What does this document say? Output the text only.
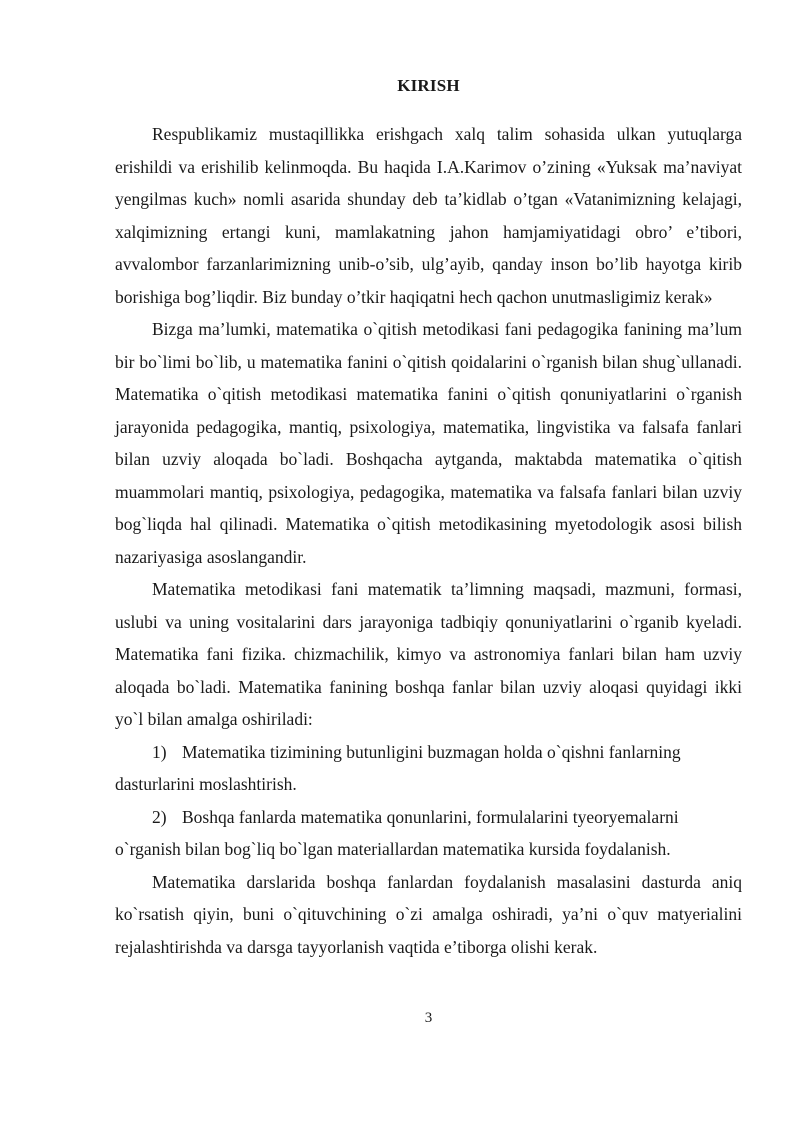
KIRISH

Respublikamiz mustaqillikka erishgach xalq talim sohasida ulkan yutuqlarga erishildi va erishilib kelinmoqda. Bu haqida I.A.Karimov o’zining «Yuksak ma’naviyat yengilmas kuch» nomli asarida shunday deb ta’kidlab o’tgan «Vatanimizning kelajagi, xalqimizning ertangi kuni, mamlakatning jahon hamjamiyatidagi obro’ e’tibori, avvalombor farzanlarimizning unib-o’sib, ulg’ayib, qanday inson bo’lib hayotga kirib borishiga bog’liqdir. Biz bunday o’tkir haqiqatni hech qachon unutmasligimiz kerak»

Bizga ma’lumki, matematika o`qitish metodikasi fani pedagogika fanining ma’lum bir bo`limi bo`lib, u matematika fanini o`qitish qoidalarini o`rganish bilan shug`ullanadi. Matematika o`qitish metodikasi matematika fanini o`qitish qonuniyatlarini o`rganish jarayonida pedagogika, mantiq, psixologiya, matematika, lingvistika va falsafa fanlari bilan uzviy aloqada bo`ladi. Boshqacha aytganda, maktabda matematika o`qitish muammolari mantiq, psixologiya, pedagogika, matematika va falsafa fanlari bilan uzviy bog`liqda hal qilinadi. Matematika o`qitish metodikasining myetodologik asosi bilish nazariyasiga asoslangandir.

Matematika metodikasi fani matematik ta’limning maqsadi, mazmuni, formasi, uslubi va uning vositalarini dars jarayoniga tadbiqiy qonuniyatlarini o`rganib kyeladi. Matematika fani fizika. chizmachilik, kimyo va astronomiya fanlari bilan ham uzviy aloqada bo`ladi. Matematika fanining boshqa fanlar bilan uzviy aloqasi quyidagi ikki yo`l bilan amalga oshiriladi:

1) Matematika tizimining butunligini buzmagan holda o`qishni fanlarning

dasturlarini moslashtirish.

2) Boshqa fanlarda matematika qonunlarini, formulalarini tyeoryemalarni

o`rganish bilan bog`liq bo`lgan materiallardan matematika kursida foydalanish.

Matematika darslarida boshqa fanlardan foydalanish masalasini dasturda aniq ko`rsatish qiyin, buni o`qituvchining o`zi amalga oshiradi, ya’ni o`quv matyerialini rejalashtirishda va darsga tayyorlanish vaqtida e’tiborga olishi kerak.

3
